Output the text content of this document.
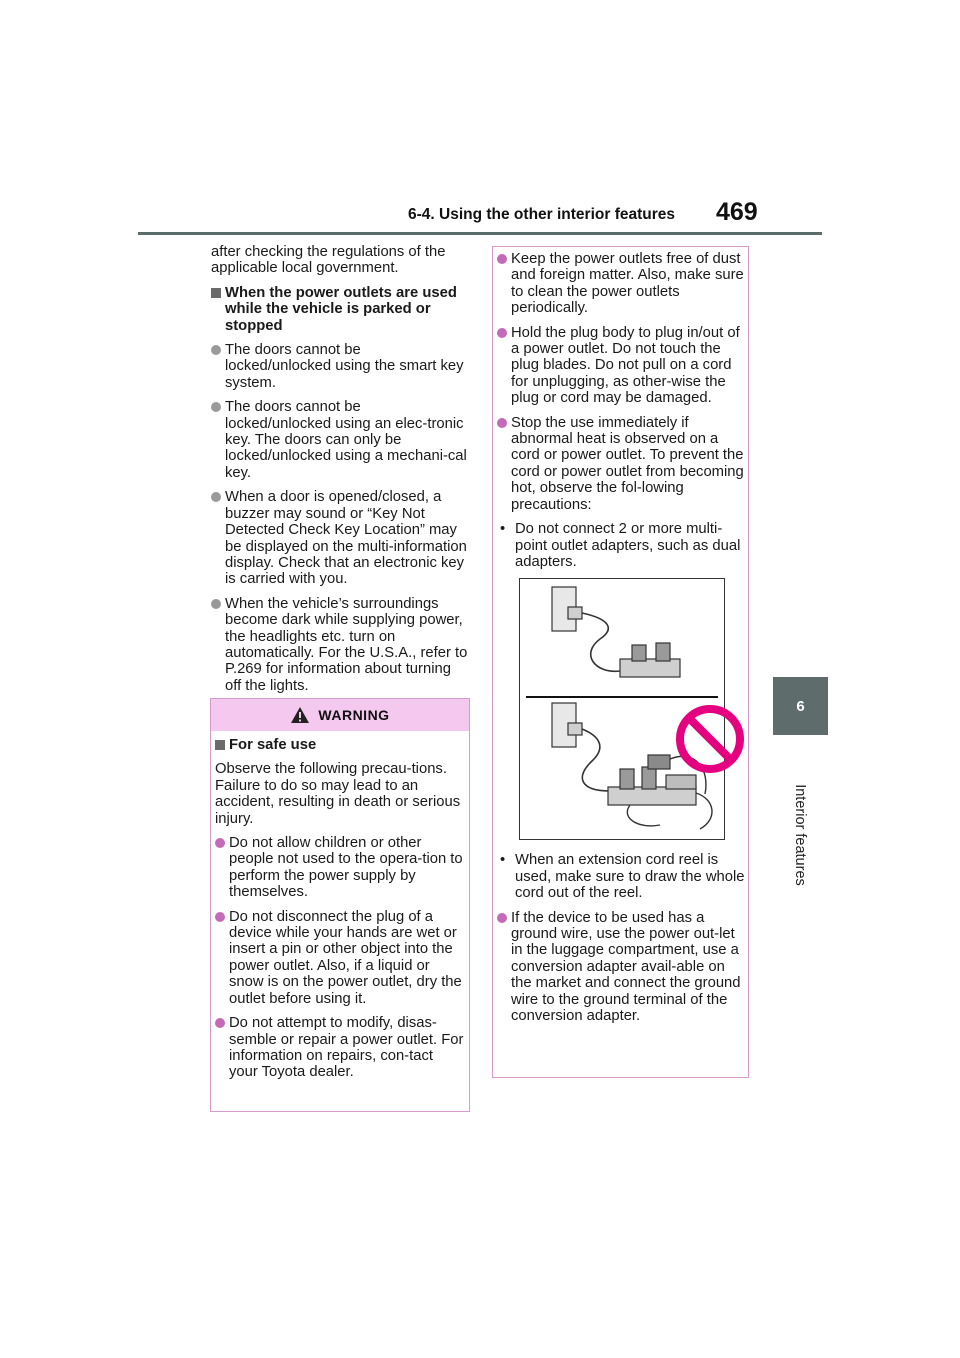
6-4. Using the other interior features 469
6
Interior features

after checking the regulations of the applicable local government.

When the power outlets are used while the vehicle is parked or stopped
The doors cannot be locked/unlocked using the smart key system.
The doors cannot be locked/unlocked using an elec-tronic key. The doors can only be locked/unlocked using a mechani-cal key.
When a door is opened/closed, a buzzer may sound or “Key Not Detected Check Key Location” may be displayed on the multi-information display. Check that an electronic key is carried with you.
When the vehicle’s surroundings become dark while supplying power, the headlights etc. turn on automatically. For the U.S.A., refer to P.269 for information about turning off the lights.
WARNING
For safe use

Observe the following precau-tions. Failure to do so may lead to an accident, resulting in death or serious injury.

Do not allow children or other people not used to the opera-tion to perform the power supply by themselves.
Do not disconnect the plug of a device while your hands are wet or insert a pin or other object into the power outlet. Also, if a liquid or snow is on the power outlet, dry the outlet before using it.
Do not attempt to modify, disas-semble or repair a power outlet. For information on repairs, con-tact your Toyota dealer.
Keep the power outlets free of dust and foreign matter. Also, make sure to clean the power outlets periodically.
Hold the plug body to plug in/out of a power outlet. Do not touch the plug blades. Do not pull on a cord for unplugging, as other-wise the plug or cord may be damaged.
Stop the use immediately if abnormal heat is observed on a cord or power outlet. To prevent the cord or power outlet from becoming hot, observe the fol-lowing precautions:
• Do not connect 2 or more multi-point outlet adapters, such as dual adapters.
• When an extension cord reel is used, make sure to draw the whole cord out of the reel.
If the device to be used has a ground wire, use the power out-let in the luggage compartment, use a conversion adapter avail-able on the market and connect the ground wire to the ground terminal of the conversion adapter.
